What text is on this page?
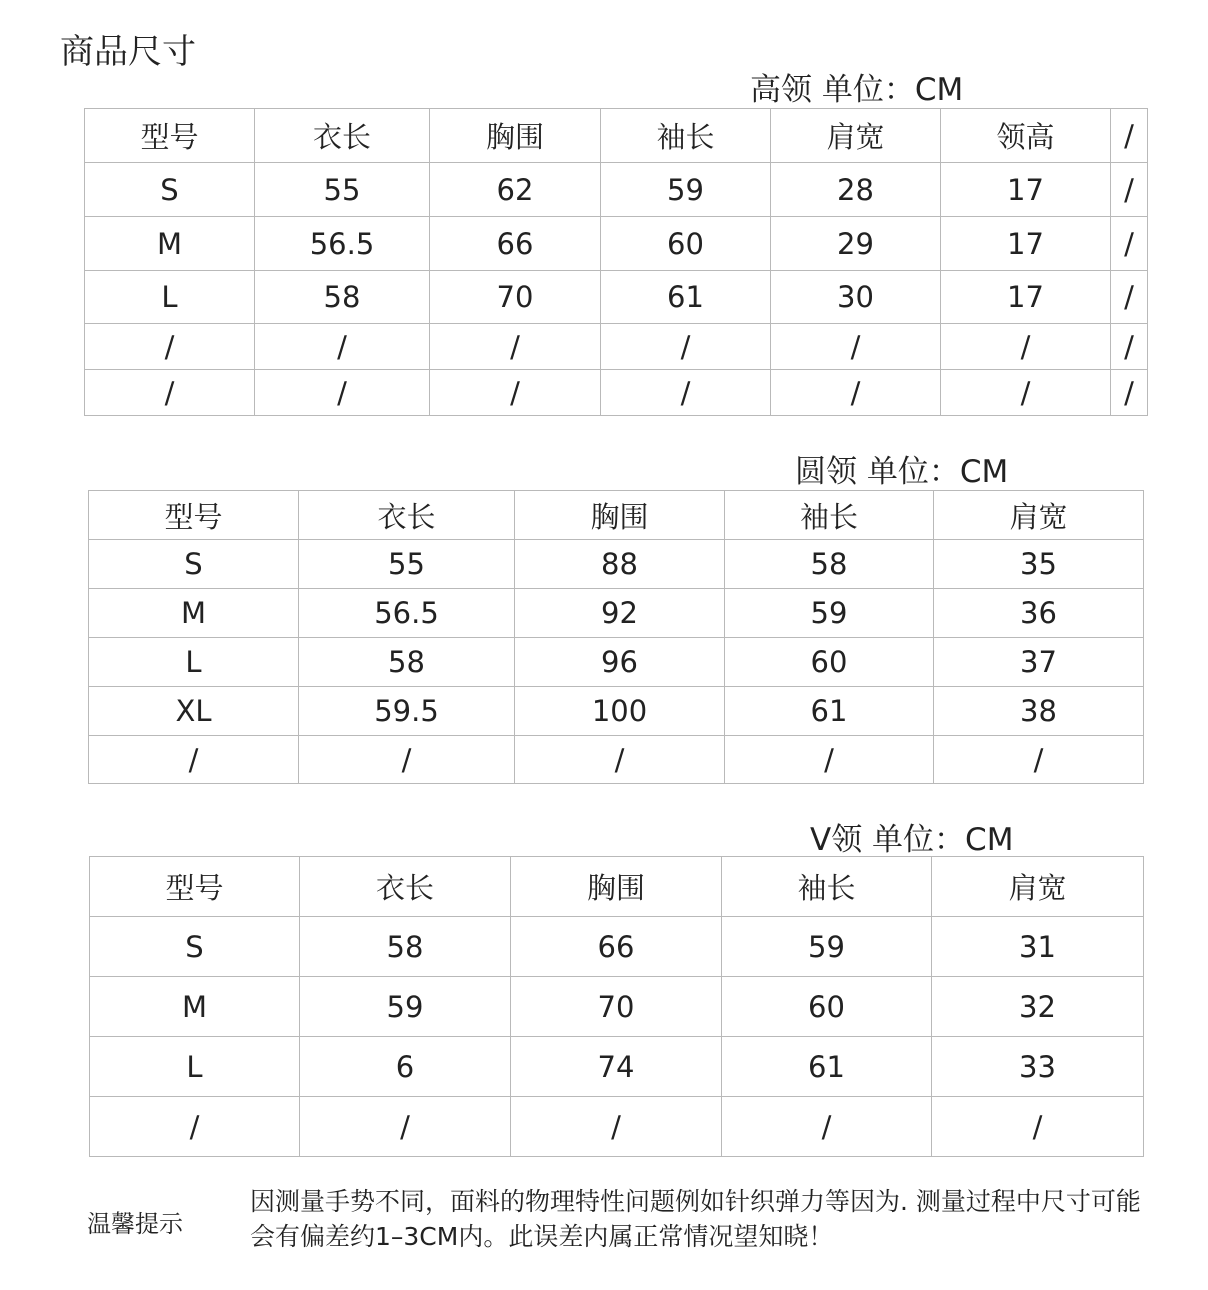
商品尺寸
高领 单位：CM
型号	衣长	胸围	袖长	肩宽	领高	/
S	55	62	59	28	17	/
M	56.5	66	60	29	17	/
L	58	70	61	30	17	/
/	/	/	/	/	/	/
/	/	/	/	/	/	/
圆领 单位：CM
型号	衣长	胸围	袖长	肩宽
S	55	88	58	35
M	56.5	92	59	36
L	58	96	60	37
XL	59.5	100	61	38
/	/	/	/	/
V领 单位：CM
型号	衣长	胸围	袖长	肩宽
S	58	66	59	31
M	59	70	60	32
L	6	74	61	33
/	/	/	/	/
温馨提示
因测量手势不同，面料的物理特性问题例如针织弹力等因为. 测量过程中尺寸可能会有偏差约1–3CM内。此误差内属正常情况望知晓！
